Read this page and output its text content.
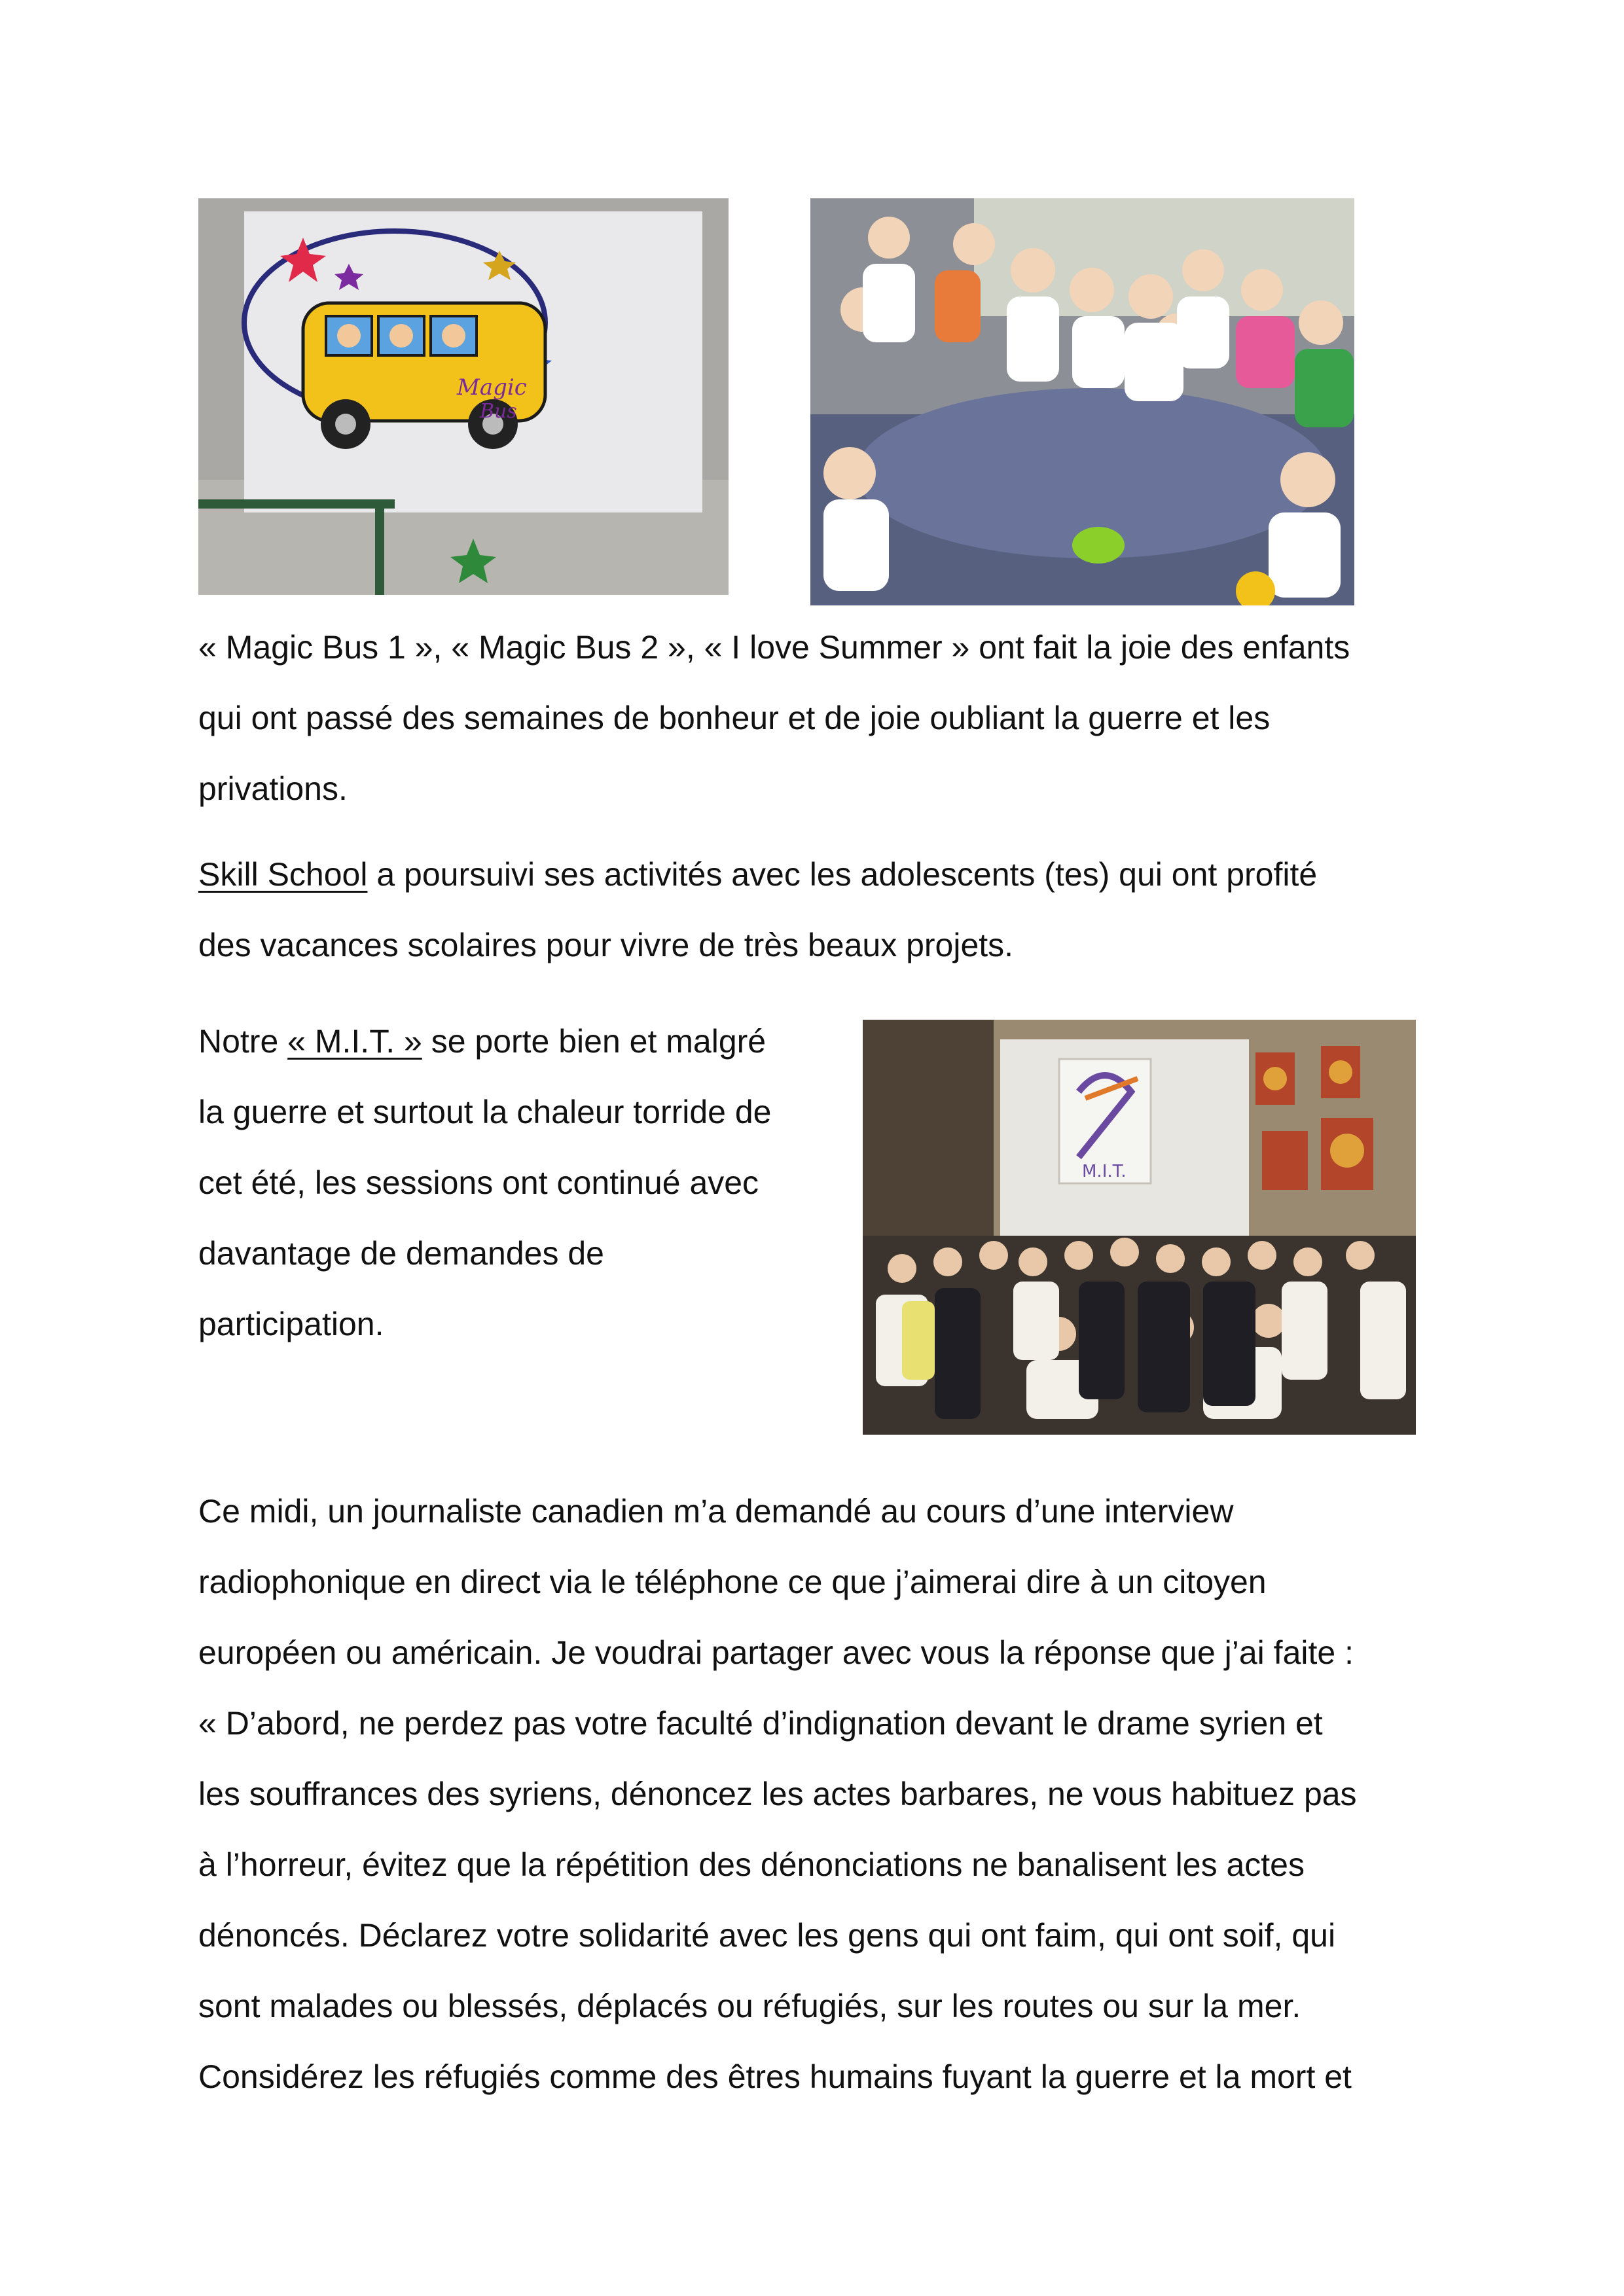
Magic
Bus

« Magic Bus 1 », « Magic Bus 2 », « I love Summer » ont fait la joie des enfants
qui ont passé des semaines de bonheur et de joie oubliant la guerre et les
privations.

Skill School a poursuivi ses activités avec les adolescents (tes) qui ont profité
des vacances scolaires pour vivre de très beaux projets.

Notre « M.I.T. » se porte bien et malgré
la guerre et surtout la chaleur torride de
cet été, les sessions ont continué avec
davantage de demandes de
participation.

M.I.T.

Ce midi, un journaliste canadien m’a demandé au cours d’une interview
radiophonique en direct via le téléphone ce que j’aimerai dire à un citoyen
européen ou américain. Je voudrai partager avec vous la réponse que j’ai faite :
« D’abord, ne perdez pas votre faculté d’indignation devant le drame syrien et
les souffrances des syriens, dénoncez les actes barbares, ne vous habituez pas
à l’horreur, évitez que la répétition des dénonciations ne banalisent les actes
dénoncés. Déclarez votre solidarité avec les gens qui ont faim, qui ont soif, qui
sont malades ou blessés, déplacés ou réfugiés, sur les routes ou sur la mer.
Considérez les réfugiés comme des êtres humains fuyant la guerre et la mort et
